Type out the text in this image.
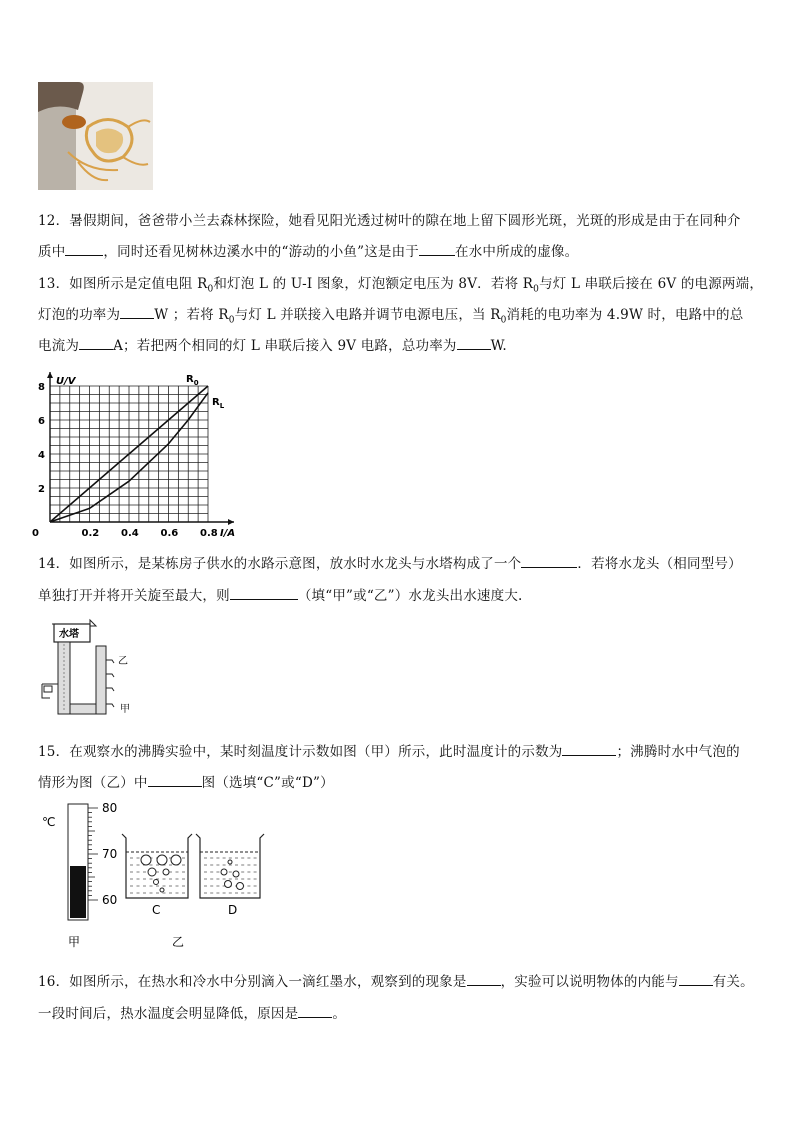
12．暑假期间，爸爸带小兰去森林探险，她看见阳光透过树叶的隙在地上留下圆形光斑，光斑的形成是由于在同种介
质中	，同时还看见树林边溪水中的“游动的小鱼”这是由于	在水中所成的虚像。
13．如图所示是定值电阻 $R_0$和灯泡 L 的 U-I 图象，灯泡额定电压为 8V．若将 $R_0$与灯 L 串联后接在 6V 的电源两端，
灯泡的功率为	W ；若将 $R_0$与灯 L 并联接入电路并调节电源电压，当 $R_0$消耗的电功率为 4.9W 时，电路中的总
电流为	A；若把两个相同的灯 L 串联后接入 9V 电路，总功率为	W.
0	0.2 0.4 0.6 0.8
2
4
6
8
U/V
I/A
$R_0$
$R_L$
14．如图所示，是某栋房子供水的水路示意图，放水时水龙头与水塔构成了一个	．若将水龙头（相同型号）
单独打开并将开关旋至最大，则	（填“甲”或“乙”）水龙头出水速度大.
水塔
乙
甲
15．在观察水的沸腾实验中，某时刻温度计示数如图（甲）所示，此时温度计的示数为	；沸腾时水中气泡的
情形为图（乙）中	图（选填“C”或“D”）
℃
80
70
60
C	D
甲	乙
16．如图所示，在热水和冷水中分别滴入一滴红墨水，观察到的现象是	，实验可以说明物体的内能与	有关。
一段时间后，热水温度会明显降低，原因是	。
